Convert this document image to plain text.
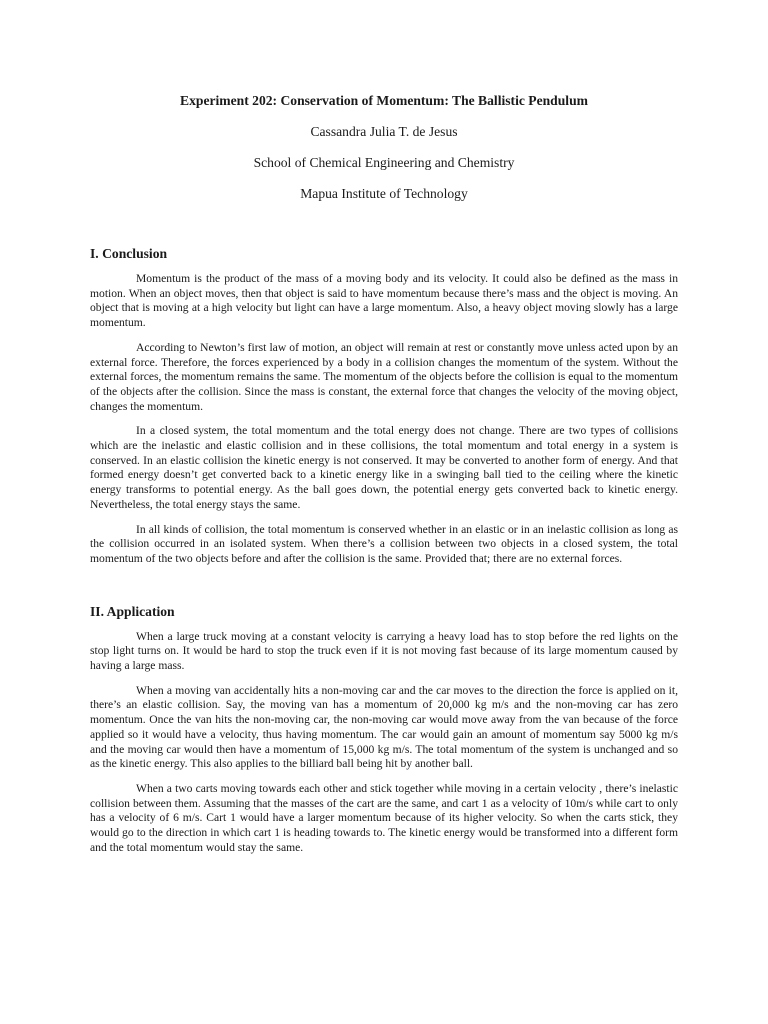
Experiment 202: Conservation of Momentum: The Ballistic Pendulum

Cassandra Julia T. de Jesus

School of Chemical Engineering and Chemistry

Mapua Institute of Technology

I. Conclusion

Momentum is the product of the mass of a moving body and its velocity. It could also be defined as the mass in motion. When an object moves, then that object is said to have momentum because there’s mass and the object is moving. An object that is moving at a high velocity but light can have a large momentum. Also, a heavy object moving slowly has a large momentum.

According to Newton’s first law of motion, an object will remain at rest or constantly move unless acted upon by an external force. Therefore, the forces experienced by a body in a collision changes the momentum of the system. Without the external forces, the momentum remains the same. The momentum of the objects before the collision is equal to the momentum of the objects after the collision. Since the mass is constant, the external force that changes the velocity of the moving object, changes the momentum.

In a closed system, the total momentum and the total energy does not change. There are two types of collisions which are the inelastic and elastic collision and in these collisions, the total momentum and total energy in a system is conserved. In an elastic collision the kinetic energy is not conserved. It may be converted to another form of energy. And that formed energy doesn’t get converted back to a kinetic energy like in a swinging ball tied to the ceiling where the kinetic energy transforms to potential energy. As the ball goes down, the potential energy gets converted back to kinetic energy. Nevertheless, the total energy stays the same.

In all kinds of collision, the total momentum is conserved whether in an elastic or in an inelastic collision as long as the collision occurred in an isolated system. When there’s a collision between two objects in a closed system, the total momentum of the two objects before and after the collision is the same. Provided that; there are no external forces.

II. Application

When a large truck moving at a constant velocity is carrying a heavy load has to stop before the red lights on the stop light turns on. It would be hard to stop the truck even if it is not moving fast because of its large momentum caused by having a large mass.

When a moving van accidentally hits a non-moving car and the car moves to the direction the force is applied on it, there’s an elastic collision. Say, the moving van has a momentum of 20,000 kg m/s and the non-moving car has zero momentum. Once the van hits the non-moving car, the non-moving car would move away from the van because of the force applied so it would have a velocity, thus having momentum. The car would gain an amount of momentum say 5000 kg m/s and the moving car would then have a momentum of 15,000 kg m/s. The total momentum of the system is unchanged and so as the kinetic energy. This also applies to the billiard ball being hit by another ball.

When a two carts moving towards each other and stick together while moving in a certain velocity , there’s inelastic collision between them. Assuming that the masses of the cart are the same, and cart 1 as a velocity of 10m/s while cart to only has a velocity of 6 m/s. Cart 1 would have a larger momentum because of its higher velocity. So when the carts stick, they would go to the direction in which cart 1 is heading towards to. The kinetic energy would be transformed into a different form and the total momentum would stay the same.
